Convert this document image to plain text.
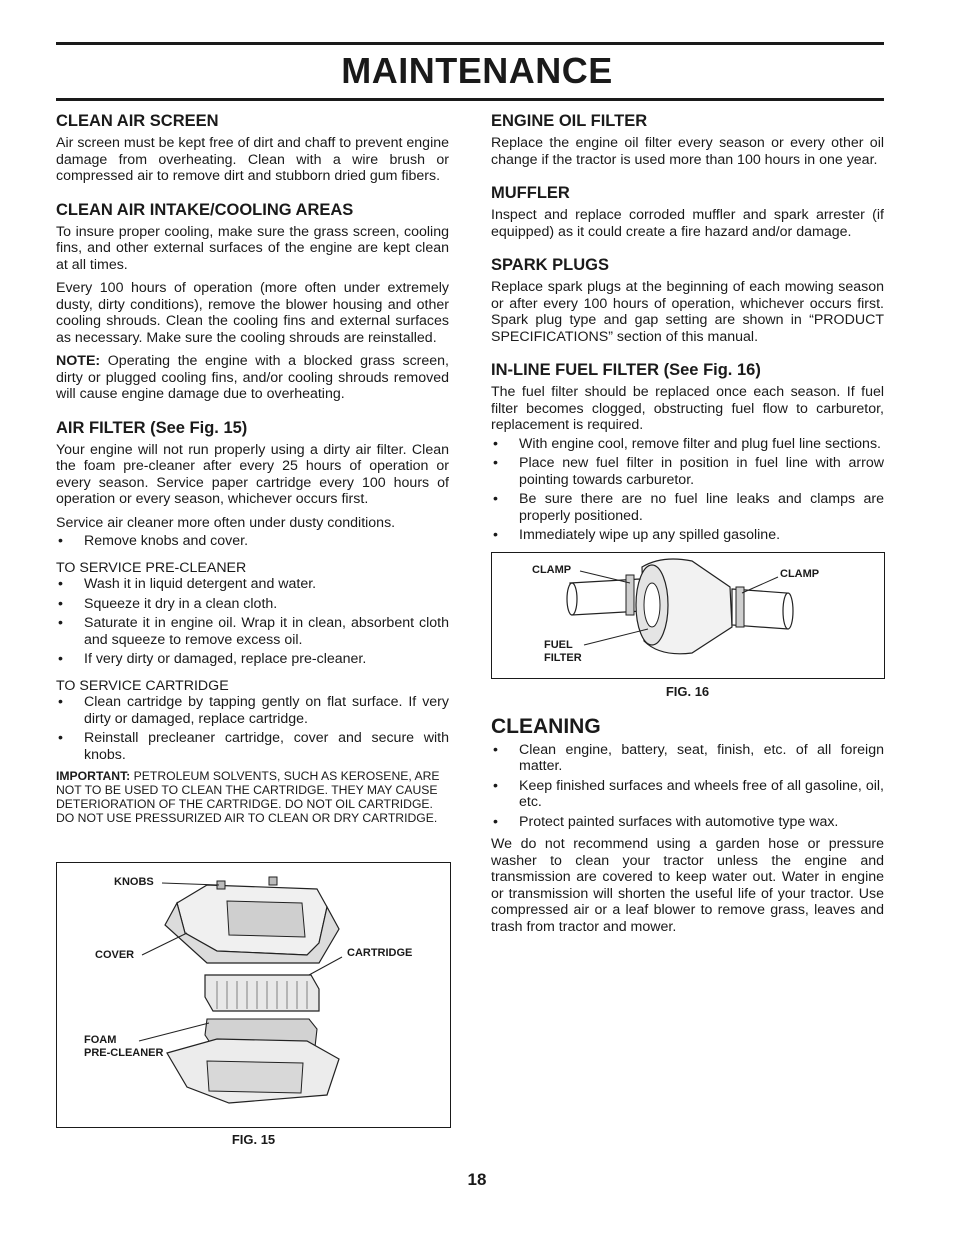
MAINTENANCE
CLEAN AIR SCREEN

Air screen must be kept free of dirt and chaff to prevent engine damage from overheating. Clean with a wire brush or compressed air to remove dirt and stubborn dried gum fibers.

CLEAN AIR INTAKE/COOLING AREAS

To insure proper cooling, make sure the grass screen, cooling fins, and other external surfaces of the engine are kept clean at all times.

Every 100 hours of operation (more often under extremely dusty, dirty conditions), remove the blower housing and other cooling shrouds. Clean the cooling fins and external surfaces as necessary. Make sure the cooling shrouds are reinstalled.

NOTE: Operating the engine with a blocked grass screen, dirty or plugged cooling fins, and/or cooling shrouds removed will cause engine damage due to overheating.

AIR FILTER (See Fig. 15)

Your engine will not run properly using a dirty air filter. Clean the foam pre-cleaner after every 25 hours of operation or every season. Service paper cartridge every 100 hours of operation or every season, whichever occurs first.

Service air cleaner more often under dusty conditions.

• Remove knobs and cover.
TO SERVICE PRE-CLEANER
• Wash it in liquid detergent and water.
• Squeeze it dry in a clean cloth.
• Saturate it in engine oil. Wrap it in clean, absorbent cloth and squeeze to remove excess oil.
• If very dirty or damaged, replace pre-cleaner.
TO SERVICE CARTRIDGE
• Clean cartridge by tapping gently on flat surface. If very dirty or damaged, replace cartridge.
• Reinstall precleaner cartridge, cover and secure with knobs.

IMPORTANT: PETROLEUM SOLVENTS, SUCH AS KEROSENE, ARE NOT TO BE USED TO CLEAN THE CARTRIDGE. THEY MAY CAUSE DETERIORATION OF THE CARTRIDGE. DO NOT OIL CARTRIDGE. DO NOT USE PRESSURIZED AIR TO CLEAN OR DRY CARTRIDGE.

KNOBS
COVER	CARTRIDGE
FOAM
PRE-CLEANER
FIG. 15
ENGINE OIL FILTER

Replace the engine oil filter every season or every other oil change if the tractor is used more than 100 hours in one year.

MUFFLER

Inspect and replace corroded muffler and spark arrester (if equipped) as it could create a fire hazard and/or damage.

SPARK PLUGS

Replace spark plugs at the beginning of each mowing season or after every 100 hours of operation, whichever occurs first. Spark plug type and gap setting are shown in “PRODUCT SPECIFICATIONS” section of this manual.

IN-LINE FUEL FILTER (See Fig. 16)

The fuel filter should be replaced once each season. If fuel filter becomes clogged, obstructing fuel flow to carburetor, replacement is required.

• With engine cool, remove filter and plug fuel line sections.
• Place new fuel filter in position in fuel line with arrow pointing towards carburetor.
• Be sure there are no fuel line leaks and clamps are properly positioned.
• Immediately wipe up any spilled gasoline.
CLAMP	CLAMP
FUEL
FILTER
FIG. 16
CLEANING
• Clean engine, battery, seat, finish, etc. of all foreign matter.
• Keep finished surfaces and wheels free of all gasoline, oil, etc.
• Protect painted surfaces with automotive type wax.

We do not recommend using a garden hose or pressure washer to clean your tractor unless the engine and transmission are covered to keep water out. Water in engine or transmission will shorten the useful life of your tractor. Use compressed air or a leaf blower to remove grass, leaves and trash from tractor and mower.

18
